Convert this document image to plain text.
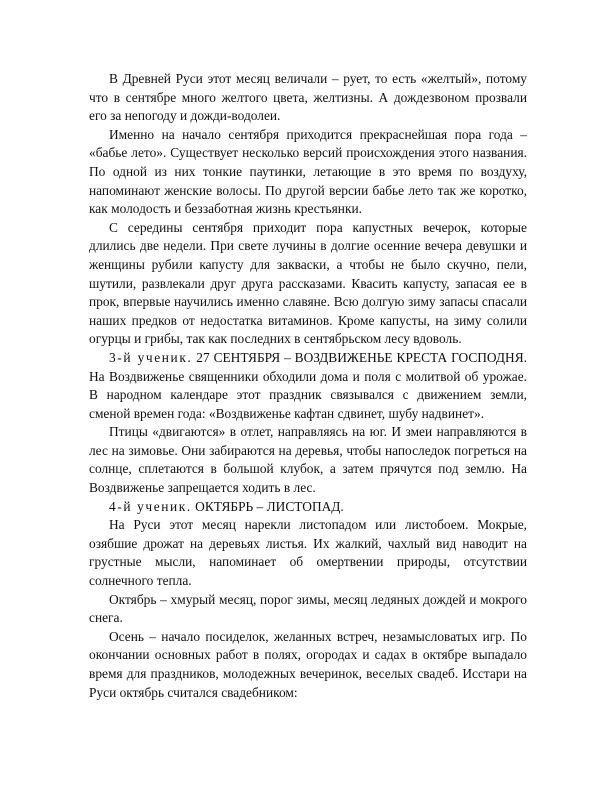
В Древней Руси этот месяц величали – рует, то есть «желтый», потому что в сентябре много желтого цвета, желтизны. А дождезвоном прозвали его за непогоду и дожди-водолеи.

Именно на начало сентября приходится прекраснейшая пора года – «бабье лето». Существует несколько версий происхождения этого названия. По одной из них тонкие паутинки, летающие в это время по воздуху, напоминают женские волосы. По другой версии бабье лето так же коротко, как молодость и беззаботная жизнь крестьянки.

С середины сентября приходит пора капустных вечерок, которые длились две недели. При свете лучины в долгие осенние вечера девушки и женщины рубили капусту для закваски, а чтобы не было скучно, пели, шутили, развлекали друг друга рассказами. Квасить капусту, запасая ее в прок, впервые научились именно славяне. Всю долгую зиму запасы спасали наших предков от недостатка витаминов. Кроме капусты, на зиму солили огурцы и грибы, так как последних в сентябрьском лесу вдоволь.

3-й ученик. 27 СЕНТЯБРЯ – ВОЗДВИЖЕНЬЕ КРЕСТА ГОСПОДНЯ. На Воздвиженье священники обходили дома и поля с молитвой об урожае. В народном календаре этот праздник связывался с движением земли, сменой времен года: «Воздвиженье кафтан сдвинет, шубу надвинет».

Птицы «двигаются» в отлет, направляясь на юг. И змеи направляются в лес на зимовье. Они забираются на деревья, чтобы напоследок погреться на солнце, сплетаются в большой клубок, а затем прячутся под землю. На Воздвиженье запрещается ходить в лес.

4-й ученик. ОКТЯБРЬ – ЛИСТОПАД.

На Руси этот месяц нарекли листопадом или листобоем. Мокрые, озябшие дрожат на деревьях листья. Их жалкий, чахлый вид наводит на грустные мысли, напоминает об омертвении природы, отсутствии солнечного тепла.

Октябрь – хмурый месяц, порог зимы, месяц ледяных дождей и мокрого снега.

Осень – начало посиделок, желанных встреч, незамысловатых игр. По окончании основных работ в полях, огородах и садах в октябре выпадало время для праздников, молодежных вечеринок, веселых свадеб. Исстари на Руси октябрь считался свадебником:
